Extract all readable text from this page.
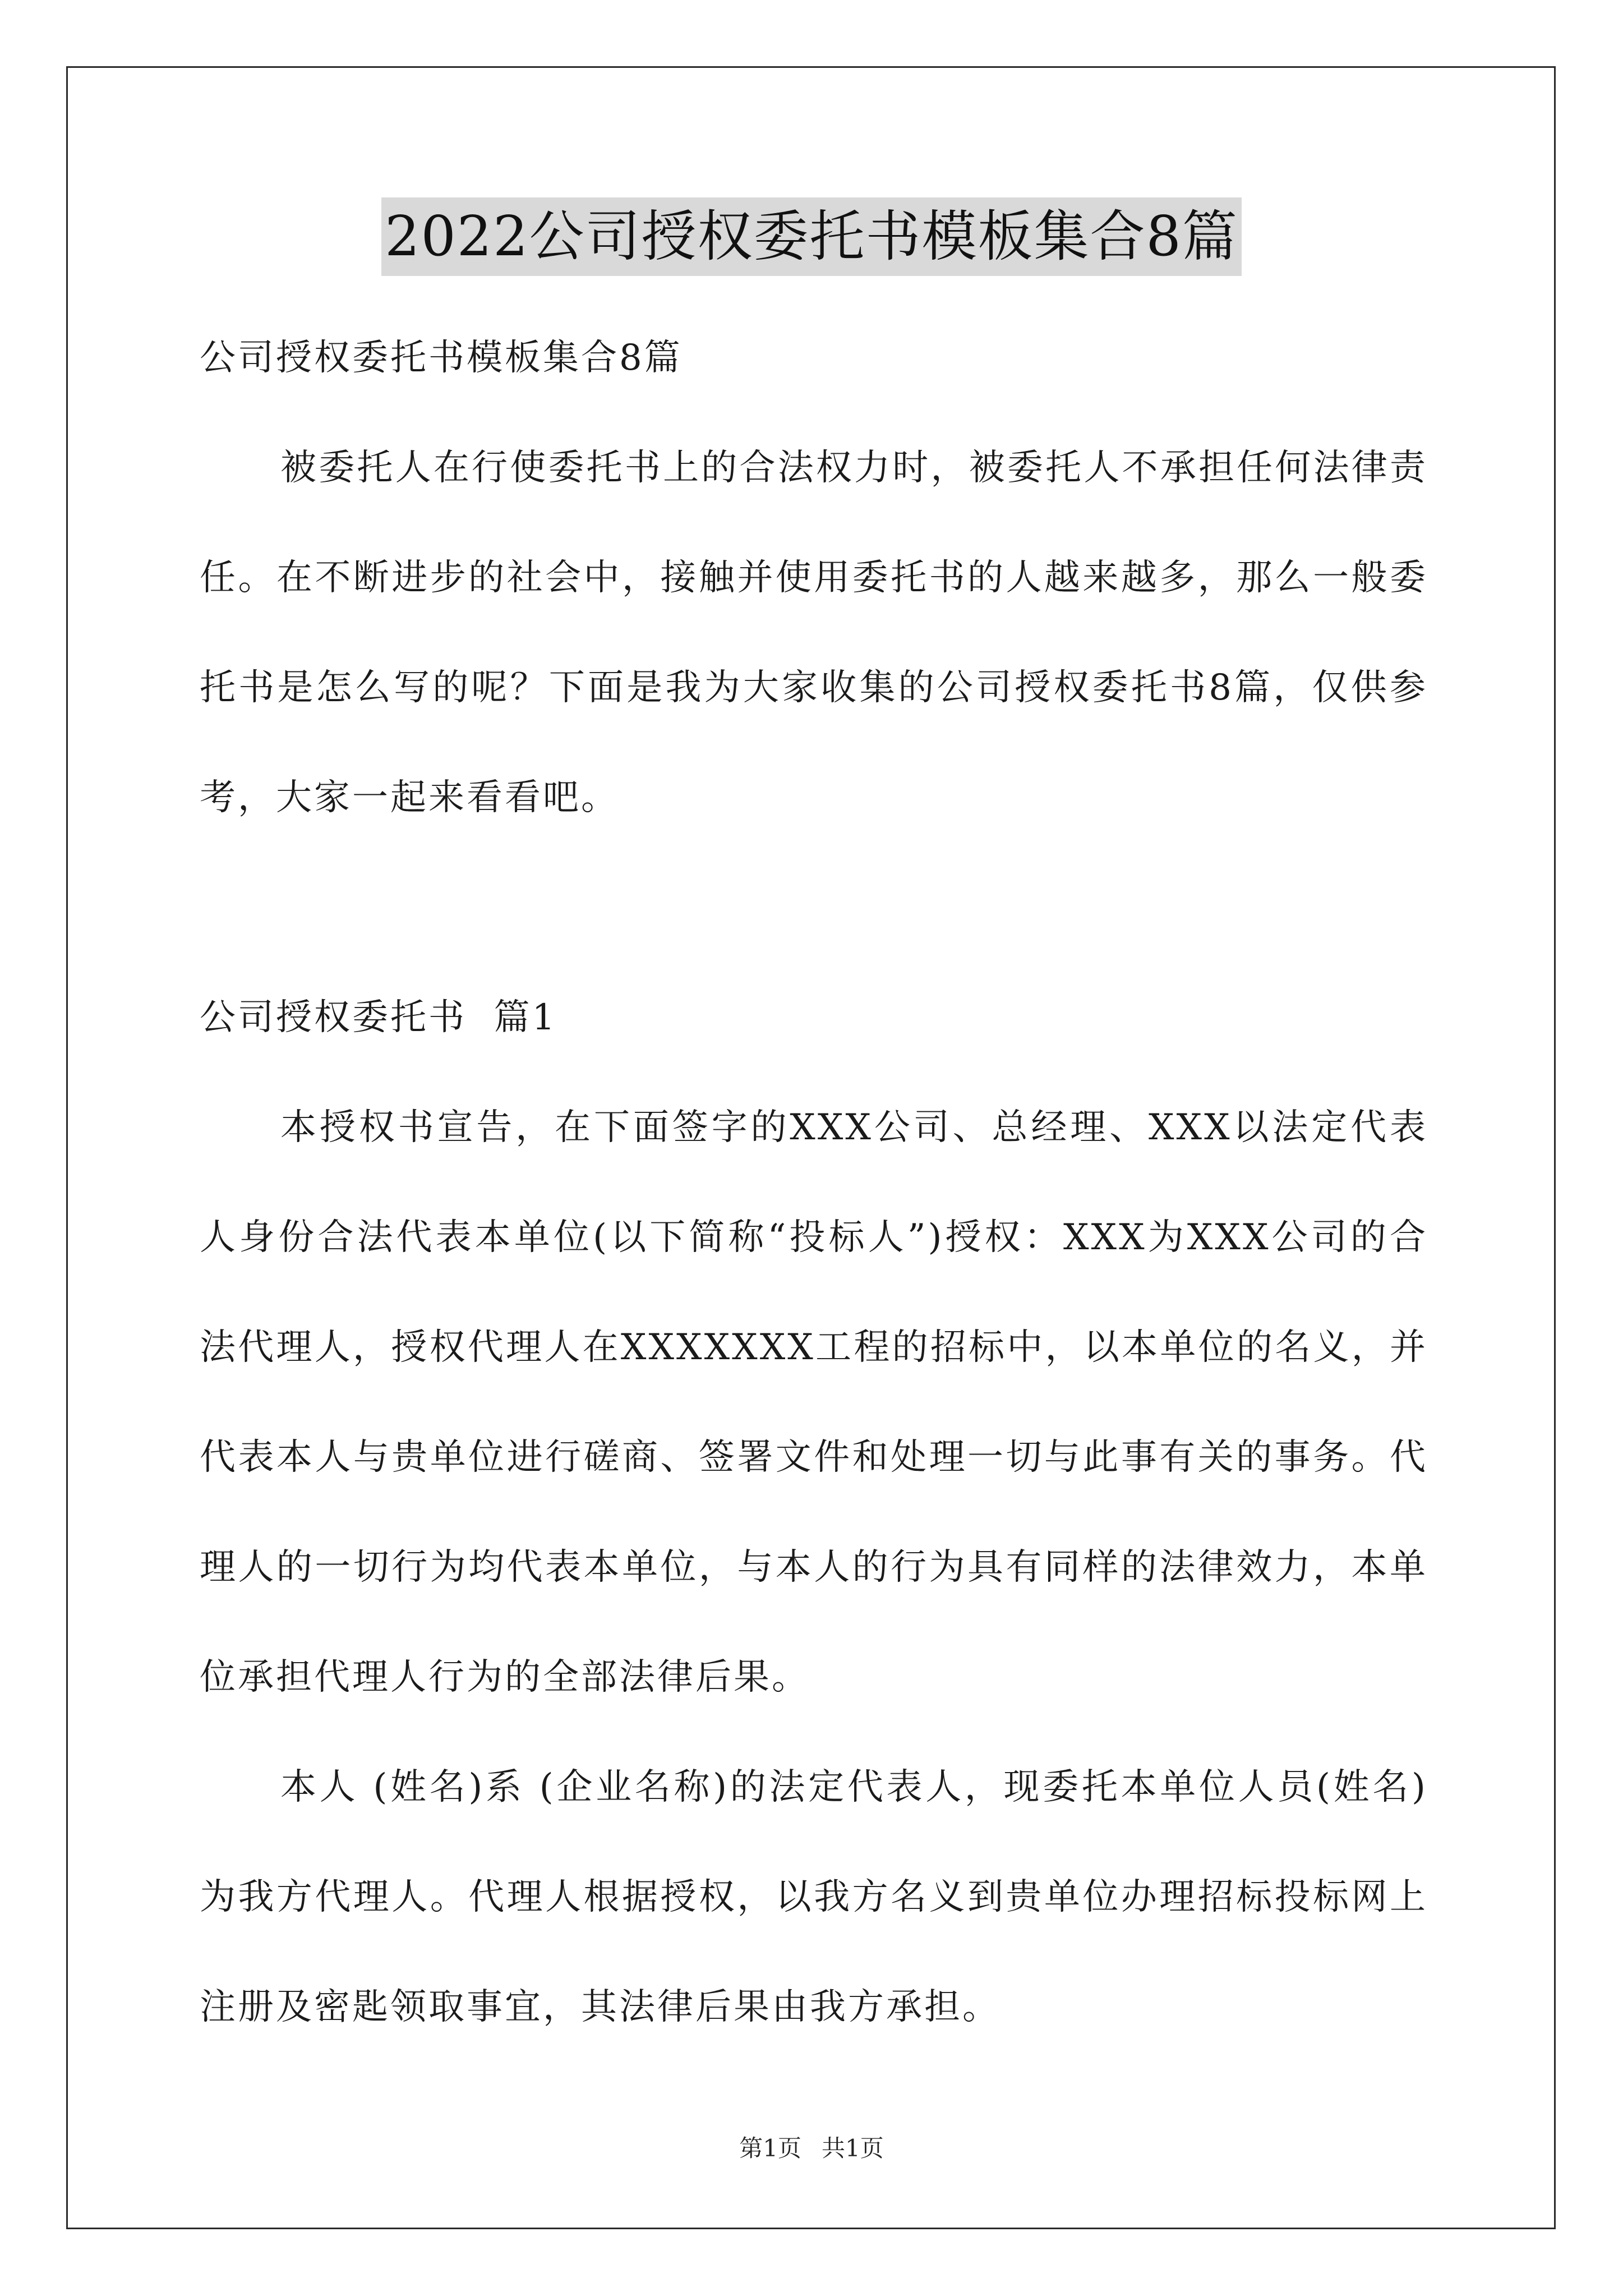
2022公司授权委托书模板集合8篇

公司授权委托书模板集合8篇

被委托人在行使委托书上的合法权力时，被委托人不承担任何法律责任。在不断进步的社会中，接触并使用委托书的人越来越多，那么一般委托书是怎么写的呢？下面是我为大家收集的公司授权委托书8篇，仅供参考，大家一起来看看吧。

公司授权委托书  篇1

本授权书宣告，在下面签字的XXX公司、总经理、XXX以法定代表人身份合法代表本单位(以下简称“投标人”)授权：XXX为XXX公司的合法代理人，授权代理人在XXXXXXX工程的招标中，以本单位的名义，并代表本人与贵单位进行磋商、签署文件和处理一切与此事有关的事务。代理人的一切行为均代表本单位，与本人的行为具有同样的法律效力，本单位承担代理人行为的全部法律后果。

本人 (姓名)系 (企业名称)的法定代表人，现委托本单位人员(姓名)为我方代理人。代理人根据授权，以我方名义到贵单位办理招标投标网上注册及密匙领取事宜，其法律后果由我方承担。

第1页 共1页
